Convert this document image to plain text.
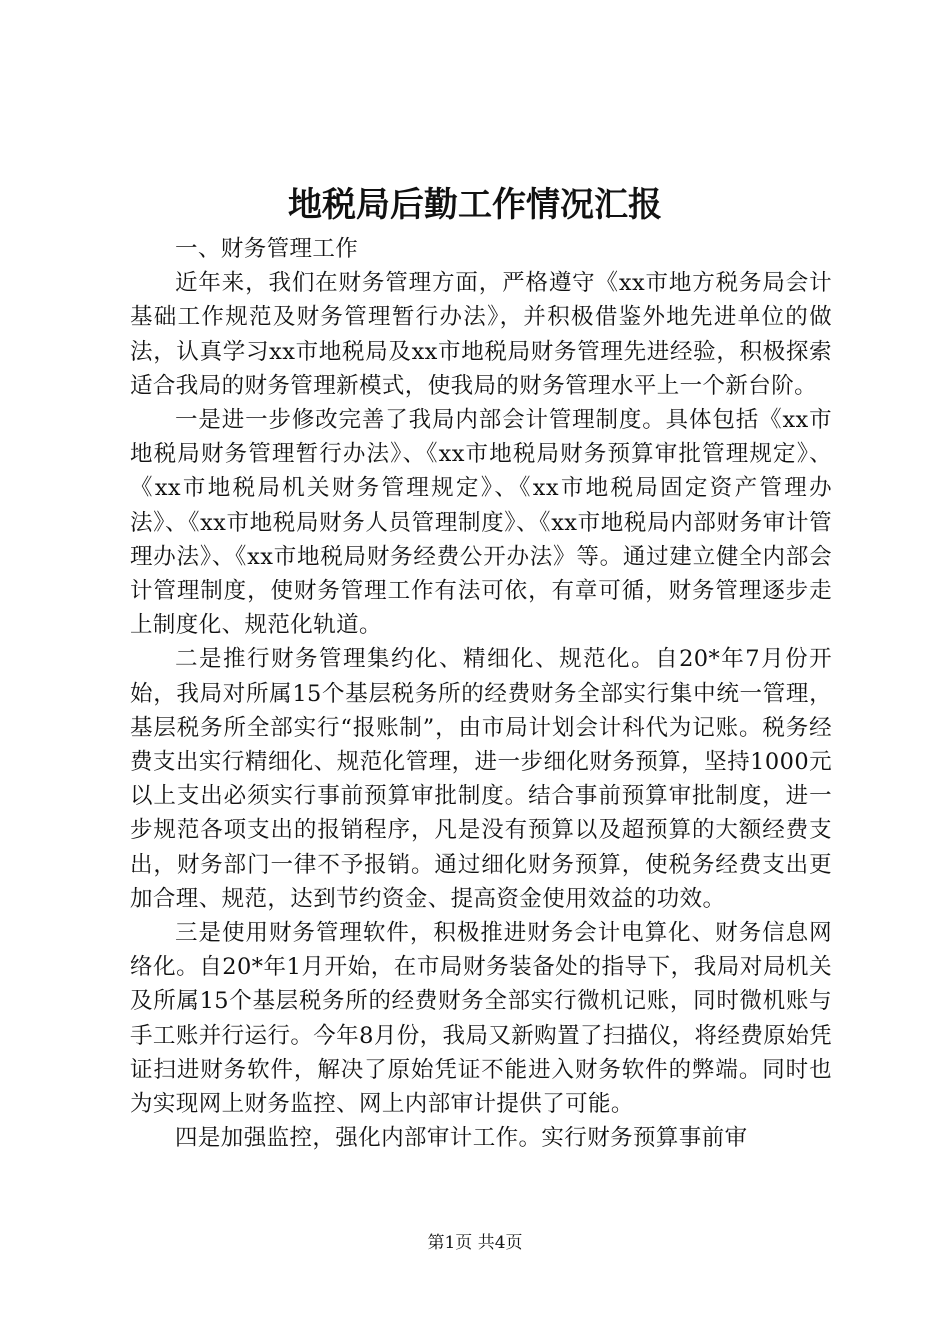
地税局后勤工作情况汇报

一、财务管理工作

近年来，我们在财务管理方面，严格遵守《xx市地方税务局会计基础工作规范及财务管理暂行办法》，并积极借鉴外地先进单位的做法，认真学习xx市地税局及xx市地税局财务管理先进经验，积极探索适合我局的财务管理新模式，使我局的财务管理水平上一个新台阶。

一是进一步修改完善了我局内部会计管理制度。具体包括《xx市地税局财务管理暂行办法》、《xx市地税局财务预算审批管理规定》、《xx市地税局机关财务管理规定》、《xx市地税局固定资产管理办法》、《xx市地税局财务人员管理制度》、《xx市地税局内部财务审计管理办法》、《xx市地税局财务经费公开办法》等。通过建立健全内部会计管理制度，使财务管理工作有法可依，有章可循，财务管理逐步走上制度化、规范化轨道。

二是推行财务管理集约化、精细化、规范化。自20*年7月份开始，我局对所属15个基层税务所的经费财务全部实行集中统一管理，基层税务所全部实行“报账制”，由市局计划会计科代为记账。税务经费支出实行精细化、规范化管理，进一步细化财务预算，坚持1000元以上支出必须实行事前预算审批制度。结合事前预算审批制度，进一步规范各项支出的报销程序，凡是没有预算以及超预算的大额经费支出，财务部门一律不予报销。通过细化财务预算，使税务经费支出更加合理、规范，达到节约资金、提高资金使用效益的功效。

三是使用财务管理软件，积极推进财务会计电算化、财务信息网络化。自20*年1月开始，在市局财务装备处的指导下，我局对局机关及所属15个基层税务所的经费财务全部实行微机记账，同时微机账与手工账并行运行。今年8月份，我局又新购置了扫描仪，将经费原始凭证扫进财务软件，解决了原始凭证不能进入财务软件的弊端。同时也为实现网上财务监控、网上内部审计提供了可能。

四是加强监控，强化内部审计工作。实行财务预算事前审

第1页 共4页
